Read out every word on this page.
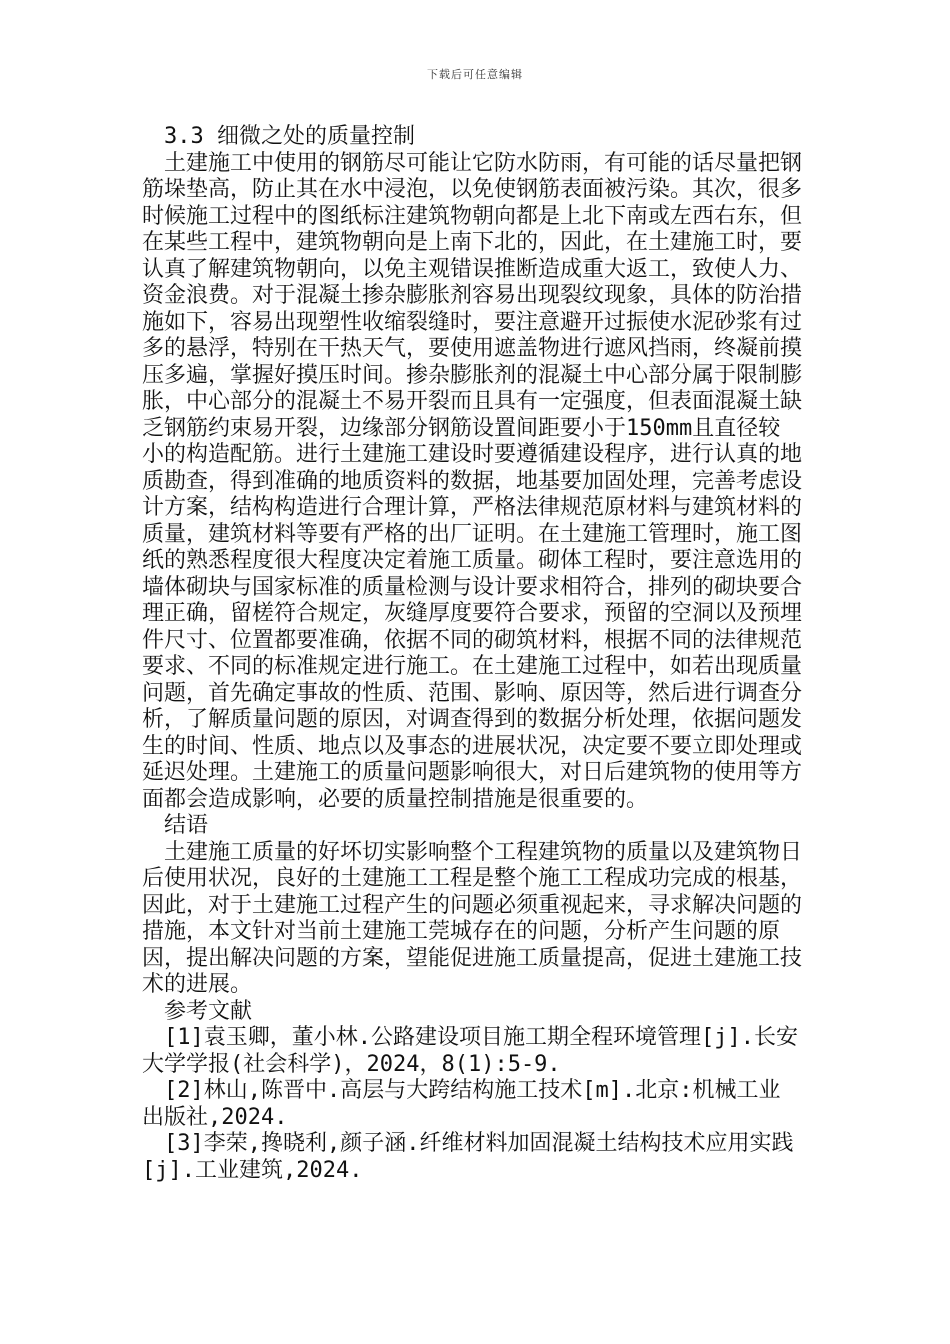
下载后可任意编辑

3.3 细微之处的质量控制

土建施工中使用的钢筋尽可能让它防水防雨，有可能的话尽量把钢筋垛垫高，防止其在水中浸泡，以免使钢筋表面被污染。其次，很多时候施工过程中的图纸标注建筑物朝向都是上北下南或左西右东，但在某些工程中，建筑物朝向是上南下北的，因此，在土建施工时，要认真了解建筑物朝向，以免主观错误推断造成重大返工，致使人力、资金浪费。对于混凝土掺杂膨胀剂容易出现裂纹现象，具体的防治措施如下，容易出现塑性收缩裂缝时，要注意避开过振使水泥砂浆有过多的悬浮，特别在干热天气，要使用遮盖物进行遮风挡雨，终凝前摸压多遍，掌握好摸压时间。掺杂膨胀剂的混凝土中心部分属于限制膨胀，中心部分的混凝土不易开裂而且具有一定强度，但表面混凝土缺乏钢筋约束易开裂，边缘部分钢筋设置间距要小于150mm且直径较小的构造配筋。进行土建施工建设时要遵循建设程序，进行认真的地质勘查，得到准确的地质资料的数据，地基要加固处理，完善考虑设计方案，结构构造进行合理计算，严格法律规范原材料与建筑材料的质量，建筑材料等要有严格的出厂证明。在土建施工管理时，施工图纸的熟悉程度很大程度决定着施工质量。砌体工程时，要注意选用的墙体砌块与国家标准的质量检测与设计要求相符合，排列的砌块要合理正确，留槎符合规定，灰缝厚度要符合要求，预留的空洞以及预埋件尺寸、位置都要准确，依据不同的砌筑材料，根据不同的法律规范要求、不同的标准规定进行施工。在土建施工过程中，如若出现质量问题，首先确定事故的性质、范围、影响、原因等，然后进行调查分析，了解质量问题的原因，对调查得到的数据分析处理，依据问题发生的时间、性质、地点以及事态的进展状况，决定要不要立即处理或延迟处理。土建施工的质量问题影响很大，对日后建筑物的使用等方面都会造成影响，必要的质量控制措施是很重要的。

结语

土建施工质量的好坏切实影响整个工程建筑物的质量以及建筑物日后使用状况，良好的土建施工工程是整个施工工程成功完成的根基，因此，对于土建施工过程产生的问题必须重视起来，寻求解决问题的措施，本文针对当前土建施工莞城存在的问题，分析产生问题的原因，提出解决问题的方案，望能促进施工质量提高，促进土建施工技术的进展。

参考文献

[1]袁玉卿，董小林.公路建设项目施工期全程环境管理[j].长安大学学报(社会科学)，2024，8(1):5-9.

[2]林山,陈晋中.高层与大跨结构施工技术[m].北京:机械工业出版社,2024.

[3]李荣,搀晓利,颜子涵.纤维材料加固混凝土结构技术应用实践[j].工业建筑,2024.
